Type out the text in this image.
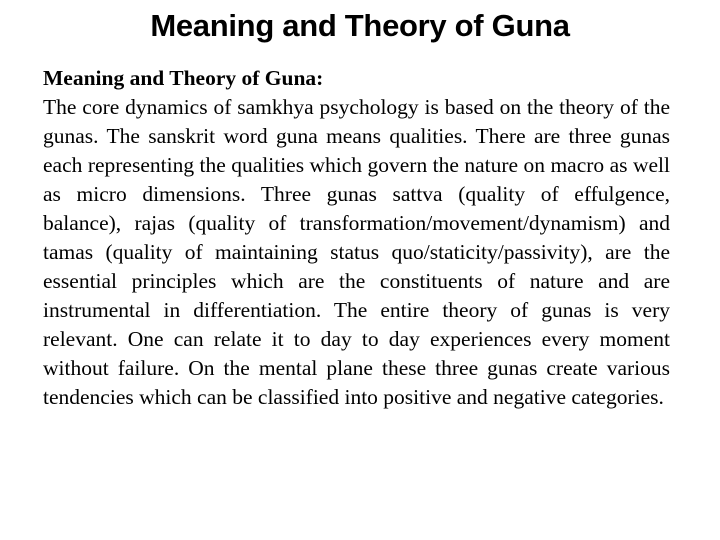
Meaning and Theory of Guna

Meaning and Theory of Guna:

The core dynamics of samkhya psychology is based on the theory of the gunas. The sanskrit word guna means qualities. There are three gunas each representing the qualities which govern the nature on macro as well as micro dimensions. Three gunas sattva (quality of effulgence, balance), rajas (quality of transformation/movement/dynamism) and tamas (quality of maintaining status quo/staticity/passivity), are the essential principles which are the constituents of nature and are instrumental in differentiation. The entire theory of gunas is very relevant. One can relate it to day to day experiences every moment without failure. On the mental plane these three gunas create various tendencies which can be classified into positive and negative categories.
